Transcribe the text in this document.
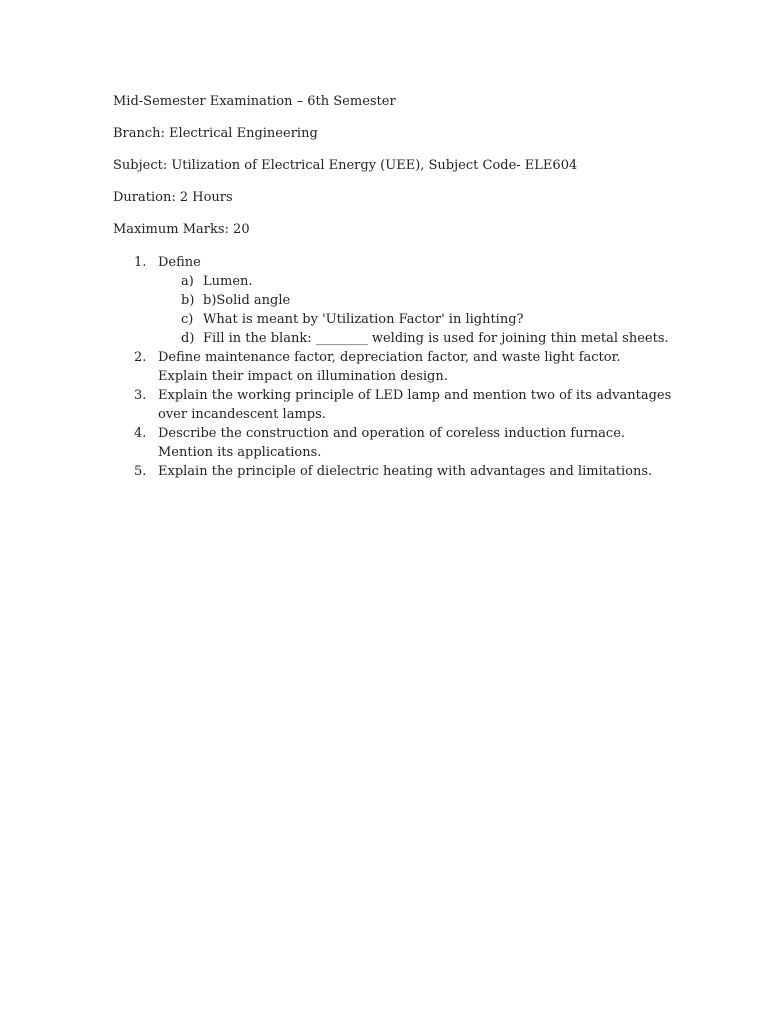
Mid-Semester Examination – 6th Semester
Branch: Electrical Engineering
Subject: Utilization of Electrical Energy (UEE), Subject Code- ELE604
Duration: 2 Hours
Maximum Marks: 20
1. Define
a) Lumen.
b) b)Solid angle
c) What is meant by 'Utilization Factor' in lighting?
d) Fill in the blank: ________ welding is used for joining thin metal sheets.
2. Define maintenance factor, depreciation factor, and waste light factor. Explain their impact on illumination design.
3. Explain the working principle of LED lamp and mention two of its advantages over incandescent lamps.
4. Describe the construction and operation of coreless induction furnace. Mention its applications.
5. Explain the principle of dielectric heating with advantages and limitations.
